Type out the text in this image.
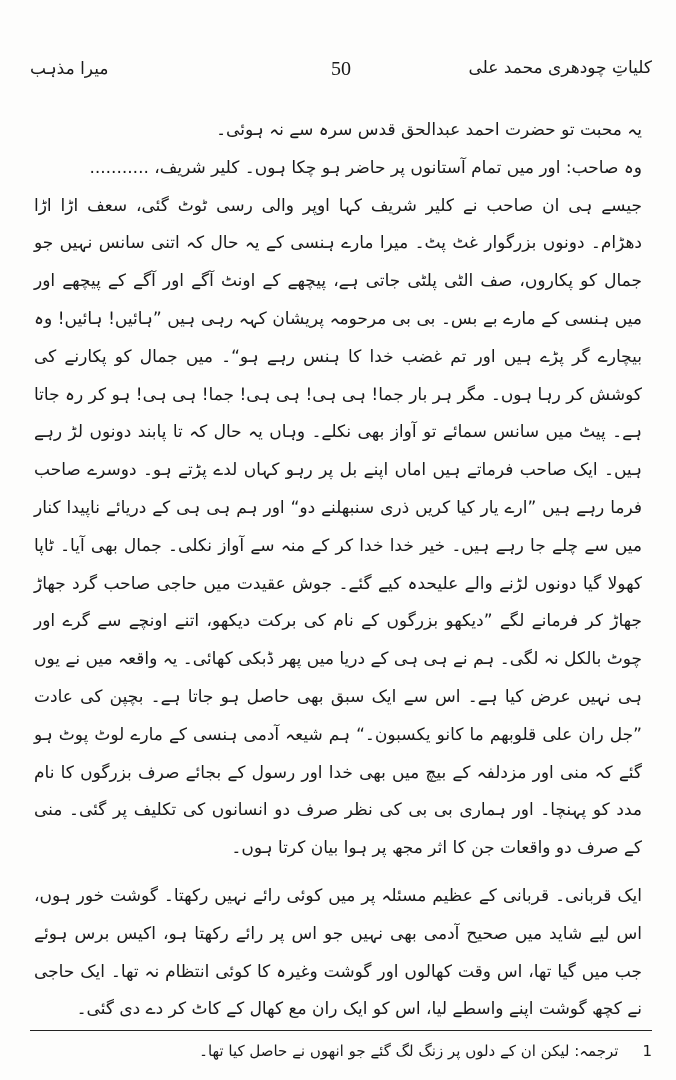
میرا مذہب	50	کلیاتِ چودھری محمد علی

یہ محبت تو حضرت احمد عبدالحق قدس سرہ سے نہ ہوئی۔

وہ صاحب: اور میں تمام آستانوں پر حاضر ہو چکا ہوں۔ کلیر شریف، ...........

جیسے ہی ان صاحب نے کلیر شریف کہا اوپر والی رسی ٹوٹ گئی، سعف اڑا اڑا دھڑام۔ دونوں بزرگوار غٹ پٹ۔ میرا مارے ہنسی کے یہ حال کہ اتنی سانس نہیں جو جمال کو پکاروں، صف الٹی پلٹی جاتی ہے، پیچھے کے اونٹ آگے اور آگے کے پیچھے اور میں ہنسی کے مارے بے بس۔ بی بی مرحومہ پریشان کہہ رہی ہیں ”ہائیں! ہائیں! وہ بیچارے گر پڑے ہیں اور تم غضب خدا کا ہنس رہے ہو“۔ میں جمال کو پکارنے کی کوشش کر رہا ہوں۔ مگر ہر بار جما! ہی ہی! ہی ہی! جما! ہی ہی! ہو کر رہ جاتا ہے۔ پیٹ میں سانس سمائے تو آواز بھی نکلے۔ وہاں یہ حال کہ تا پابند دونوں لڑ رہے ہیں۔ ایک صاحب فرماتے ہیں اماں اپنے بل پر رہو کہاں لدے پڑتے ہو۔ دوسرے صاحب فرما رہے ہیں ”ارے یار کیا کریں ذری سنبھلنے دو“ اور ہم ہی ہی کے دریائے ناپیدا کنار میں سے چلے جا رہے ہیں۔ خیر خدا خدا کر کے منہ سے آواز نکلی۔ جمال بھی آیا۔ ٹاپا کھولا گیا دونوں لڑنے والے علیحدہ کیے گئے۔ جوش عقیدت میں حاجی صاحب گرد جھاڑ جھاڑ کر فرمانے لگے ”دیکھو بزرگوں کے نام کی برکت دیکھو، اتنے اونچے سے گرے اور چوٹ بالکل نہ لگی۔ ہم نے ہی ہی کے دریا میں پھر ڈبکی کھائی۔ یہ واقعہ میں نے یوں ہی نہیں عرض کیا ہے۔ اس سے ایک سبق بھی حاصل ہو جاتا ہے۔ بچپن کی عادت ”جل ران علی قلوبھم ما کانو یکسبون۔“ ہم شیعہ آدمی ہنسی کے مارے لوٹ پوٹ ہو گئے کہ منی اور مزدلفہ کے بیچ میں بھی خدا اور رسول کے بجائے صرف بزرگوں کا نام مدد کو پہنچا۔ اور ہماری بی بی کی نظر صرف دو انسانوں کی تکلیف پر گئی۔ منی کے صرف دو واقعات جن کا اثر مجھ پر ہوا بیان کرتا ہوں۔

ایک قربانی۔ قربانی کے عظیم مسئلہ پر میں کوئی رائے نہیں رکھتا۔ گوشت خور ہوں، اس لیے شاید میں صحیح آدمی بھی نہیں جو اس پر رائے رکھتا ہو، اکیس برس ہوئے جب میں گیا تھا، اس وقت کھالوں اور گوشت وغیرہ کا کوئی انتظام نہ تھا۔ ایک حاجی نے کچھ گوشت اپنے واسطے لیا، اس کو ایک ران مع کھال کے کاٹ کر دے دی گئی۔

1ترجمہ: لیکن ان کے دلوں پر زنگ لگ گئے جو انھوں نے حاصل کیا تھا۔
